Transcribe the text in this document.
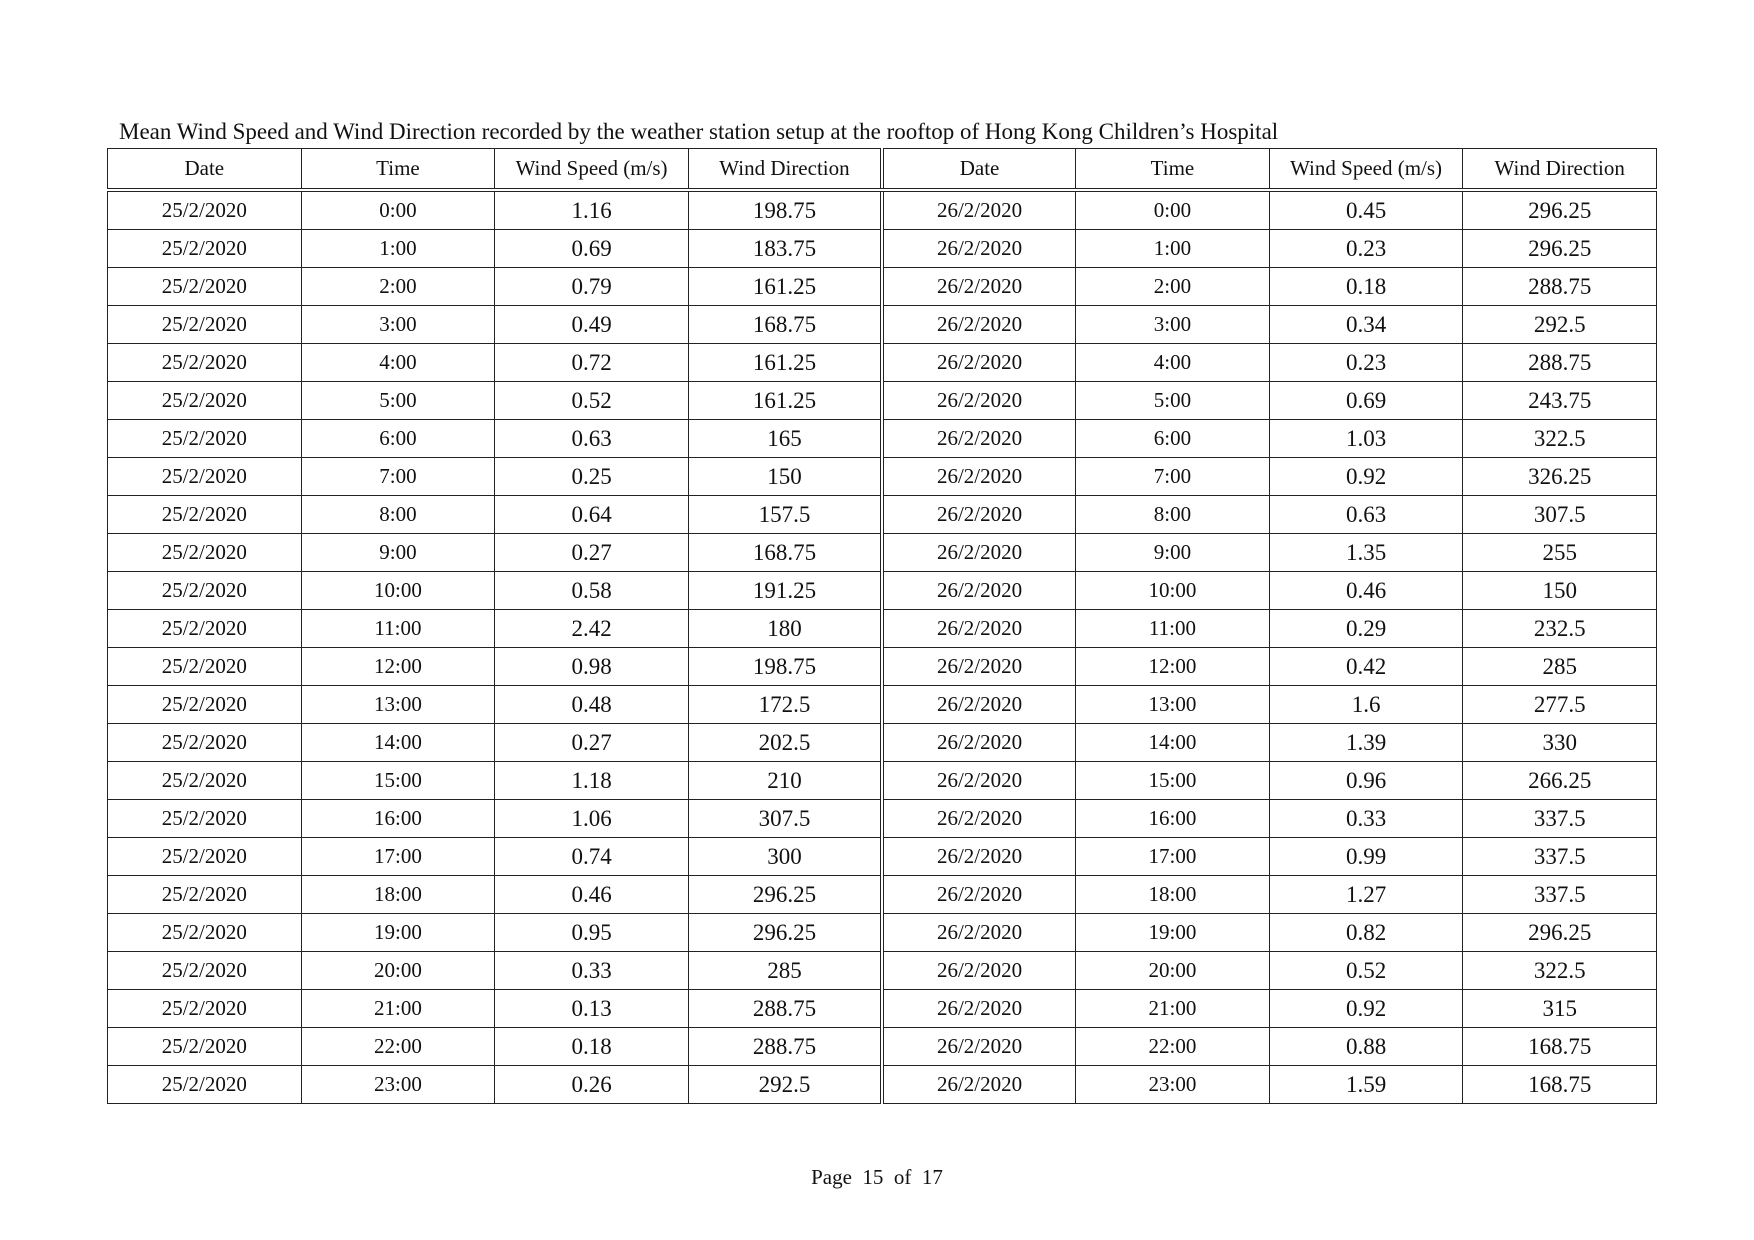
Mean Wind Speed and Wind Direction recorded by the weather station setup at the rooftop of Hong Kong Children’s Hospital
Date	Time	Wind Speed (m/s)	Wind Direction	Date	Time	Wind Speed (m/s)	Wind Direction
25/2/2020	0:00	1.16	198.75	26/2/2020	0:00	0.45	296.25
25/2/2020	1:00	0.69	183.75	26/2/2020	1:00	0.23	296.25
25/2/2020	2:00	0.79	161.25	26/2/2020	2:00	0.18	288.75
25/2/2020	3:00	0.49	168.75	26/2/2020	3:00	0.34	292.5
25/2/2020	4:00	0.72	161.25	26/2/2020	4:00	0.23	288.75
25/2/2020	5:00	0.52	161.25	26/2/2020	5:00	0.69	243.75
25/2/2020	6:00	0.63	165	26/2/2020	6:00	1.03	322.5
25/2/2020	7:00	0.25	150	26/2/2020	7:00	0.92	326.25
25/2/2020	8:00	0.64	157.5	26/2/2020	8:00	0.63	307.5
25/2/2020	9:00	0.27	168.75	26/2/2020	9:00	1.35	255
25/2/2020	10:00	0.58	191.25	26/2/2020	10:00	0.46	150
25/2/2020	11:00	2.42	180	26/2/2020	11:00	0.29	232.5
25/2/2020	12:00	0.98	198.75	26/2/2020	12:00	0.42	285
25/2/2020	13:00	0.48	172.5	26/2/2020	13:00	1.6	277.5
25/2/2020	14:00	0.27	202.5	26/2/2020	14:00	1.39	330
25/2/2020	15:00	1.18	210	26/2/2020	15:00	0.96	266.25
25/2/2020	16:00	1.06	307.5	26/2/2020	16:00	0.33	337.5
25/2/2020	17:00	0.74	300	26/2/2020	17:00	0.99	337.5
25/2/2020	18:00	0.46	296.25	26/2/2020	18:00	1.27	337.5
25/2/2020	19:00	0.95	296.25	26/2/2020	19:00	0.82	296.25
25/2/2020	20:00	0.33	285	26/2/2020	20:00	0.52	322.5
25/2/2020	21:00	0.13	288.75	26/2/2020	21:00	0.92	315
25/2/2020	22:00	0.18	288.75	26/2/2020	22:00	0.88	168.75
25/2/2020	23:00	0.26	292.5	26/2/2020	23:00	1.59	168.75
Page  15  of  17
